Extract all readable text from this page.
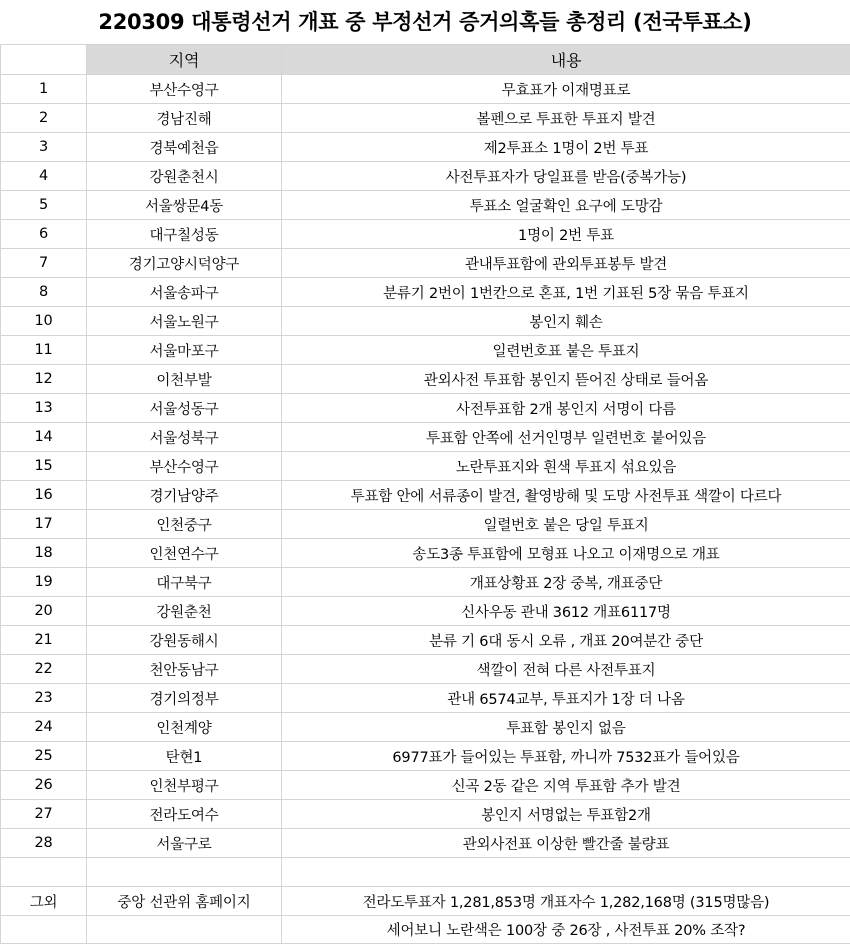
220309 대통령선거 개표 중 부정선거 증거의혹들 총정리 (전국투표소)
	지역	내용
1	부산수영구	무효표가 이재명표로
2	경남진해	볼펜으로 투표한 투표지 발견
3	경북예천읍	제2투표소 1명이 2번 투표
4	강원춘천시	사전투표자가 당일표를 받음(중복가능)
5	서울쌍문4동	투표소 얼굴확인 요구에 도망감
6	대구칠성동	1명이 2번 투표
7	경기고양시덕양구	관내투표함에 관외투표봉투 발견
8	서울송파구	분류기 2번이 1번칸으로 혼표, 1번 기표된 5장 묶음 투표지
10	서울노원구	봉인지 훼손
11	서울마포구	일련번호표 붙은 투표지
12	이천부발	관외사전 투표함 봉인지 뜯어진 상태로 들어옴
13	서울성동구	사전투표함 2개 봉인지 서명이 다름
14	서울성북구	투표함 안쪽에 선거인명부 일련번호 붙어있음
15	부산수영구	노란투표지와 흰색 투표지 섞요있음
16	경기남양주	투표함 안에 서류종이 발견, 촬영방해 및 도망 사전투표 색깔이 다르다
17	인천중구	일렬번호 붙은 당일 투표지
18	인천연수구	송도3종 투표함에 모형표 나오고 이재명으로 개표
19	대구북구	개표상황표 2장 중복, 개표중단
20	강원춘천	신사우동 관내 3612 개표6117명
21	강원동해시	분류 기 6대 동시 오류 , 개표 20여분간 중단
22	천안동남구	색깔이 전혀 다른 사전투표지
23	경기의정부	관내 6574교부, 투표지가 1장 더 나옴
24	인천계양	투표함 봉인지 없음
25	탄현1	6977표가 들어있는 투표함, 까니까 7532표가 들어있음
26	인천부평구	신곡 2동 같은 지역 투표함 추가 발견
27	전라도여수	봉인지 서명없는 투표함2개
28	서울구로	관외사전표 이상한 빨간줄 불량표

그외	중앙 선관위 홈페이지	전라도투표자 1,281,853명 개표자수 1,282,168명 (315명많음)
		세어보니 노란색은 100장 중 26장 , 사전투표 20% 조작?
